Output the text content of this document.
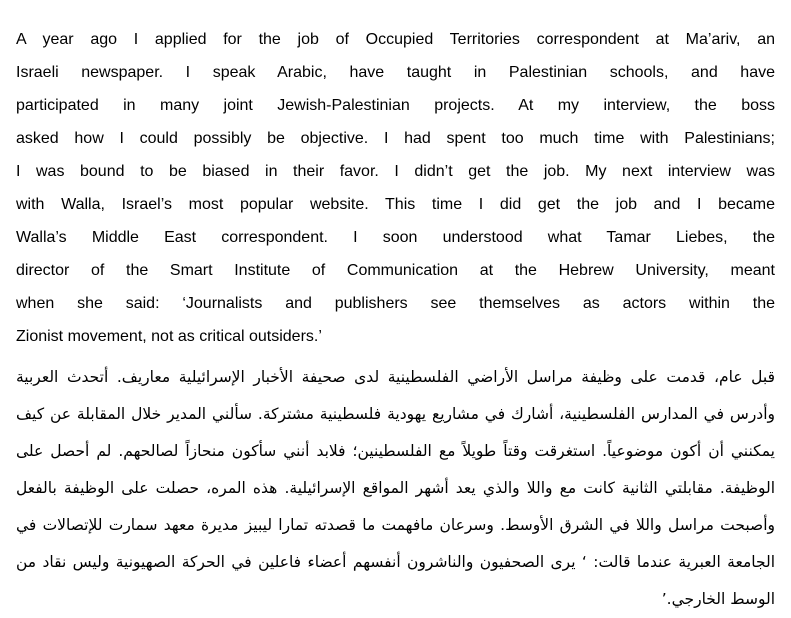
A year ago I applied for the job of Occupied Territories correspondent at Ma’ariv, an
Israeli newspaper. I speak Arabic, have taught in Palestinian schools, and have
participated in many joint Jewish-Palestinian projects. At my interview, the boss
asked how I could possibly be objective. I had spent too much time with Palestinians;
I was bound to be biased in their favor. I didn’t get the job. My next interview was
with Walla, Israel’s most popular website. This time I did get the job and I became
Walla’s Middle East correspondent. I soon understood what Tamar Liebes, the
director of the Smart Institute of Communication at the Hebrew University, meant
when she said: ‘Journalists and publishers see themselves as actors within the
Zionist movement, not as critical outsiders.’
قبل عام، قدمت على وظيفة مراسل الأراضي الفلسطينية لدى صحيفة الأخبار الإسرائيلية معاريف. أتحدث العربية
وأدرس في المدارس الفلسطينية، أشارك في مشاريع يهودية فلسطينية مشتركة. سألني المدير خلال المقابلة عن كيف
يمكنني أن أكون موضوعياً. استغرقت وقتاً طويلاً مع الفلسطينين؛ فلابد أنني سأكون منحازاً لصالحهم. لم أحصل على
الوظيفة. مقابلتي الثانية كانت مع واللا والذي يعد أشهر المواقع الإسرائيلية. هذه المره، حصلت على الوظيفة بالفعل
وأصبحت مراسل واللا في الشرق الأوسط. وسرعان مافهمت ما قصدته تمارا ليبيز مديرة معهد سمارت للإتصالات في
الجامعة العبرية عندما قالت: ‘ يرى الصحفيون والناشرون أنفسهم أعضاء فاعلين في الحركة الصهيونية وليس نقاد من
الوسط الخارجي.’
